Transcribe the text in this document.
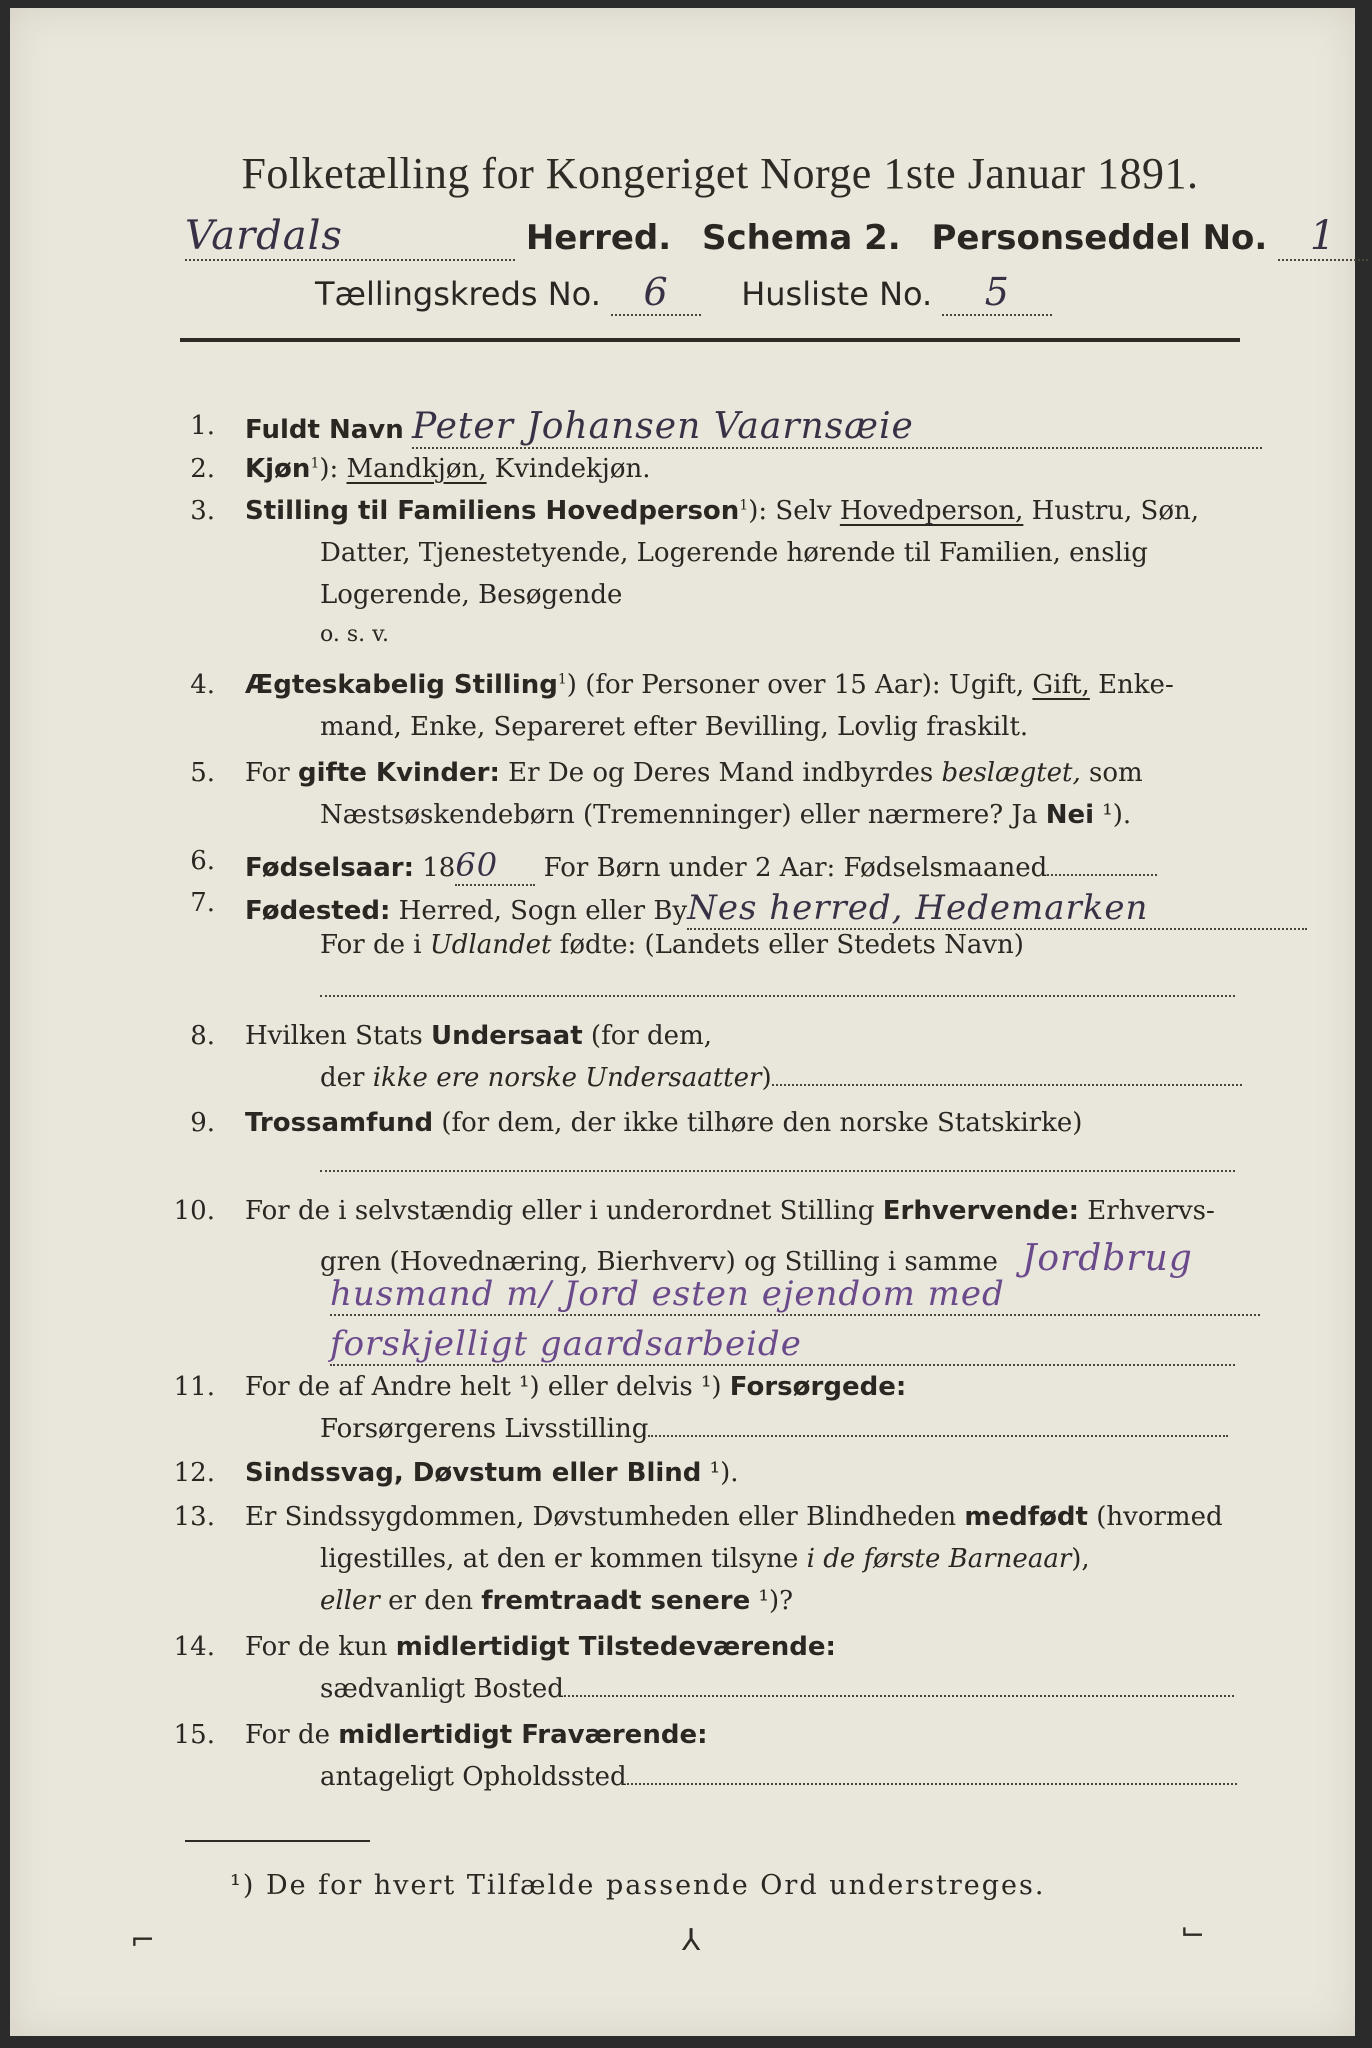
Folketælling for Kongeriget Norge 1ste Januar 1891.
Vardals	Herred. Schema 2. Personseddel No. 1
Tællingskreds No. 6 Husliste No. 5
1. Fuldt Navn Peter Johansen Vaarnsæie
2. Kjøn$^1$): Mandkjøn, Kvindekjøn.
3. Stilling til Familiens Hovedperson$^1$): Selv Hovedperson, Hustru, Søn,
Datter, Tjenestetyende, Logerende hørende til Familien, enslig
Logerende, Besøgende
o. s. v.
4. Ægteskabelig Stilling$^1$) (for Personer over 15 Aar): Ugift, Gift, Enke-
mand, Enke, Separeret efter Bevilling, Lovlig fraskilt.
5. For gifte Kvinder: Er De og Deres Mand indbyrdes beslægtet, som
Næstsøskendebørn (Tremenninger) eller nærmere? Ja Nei ¹).
6. Fødselsaar: 1860 For Børn under 2 Aar: Fødselsmaaned
7. Fødested: Herred, Sogn eller ByNes herred, Hedemarken
For de i Udlandet fødte: (Landets eller Stedets Navn)
8. Hvilken Stats Undersaat (for dem,
der ikke ere norske Undersaatter)
9. Trossamfund (for dem, der ikke tilhøre den norske Statskirke)
10. For de i selvstændig eller i underordnet Stilling Erhvervende: Erhvervs-
gren (Hovednæring, Bierhverv) og Stilling i samme Jordbrug
husmand m/ Jord esten ejendom med
forskjelligt gaardsarbeide
11. For de af Andre helt ¹) eller delvis ¹) Forsørgede:
Forsørgerens Livsstilling
12. Sindssvag, Døvstum eller Blind ¹).
13. Er Sindssygdommen, Døvstumheden eller Blindheden medfødt (hvormed
ligestilles, at den er kommen tilsyne i de første Barneaar),
eller er den fremtraadt senere ¹)?
14. For de kun midlertidigt Tilstedeværende:
sædvanligt Bosted
15. For de midlertidigt Fraværende:
antageligt Opholdssted
¹) De for hvert Tilfælde passende Ord understreges.
⌐	⅄	⌙
